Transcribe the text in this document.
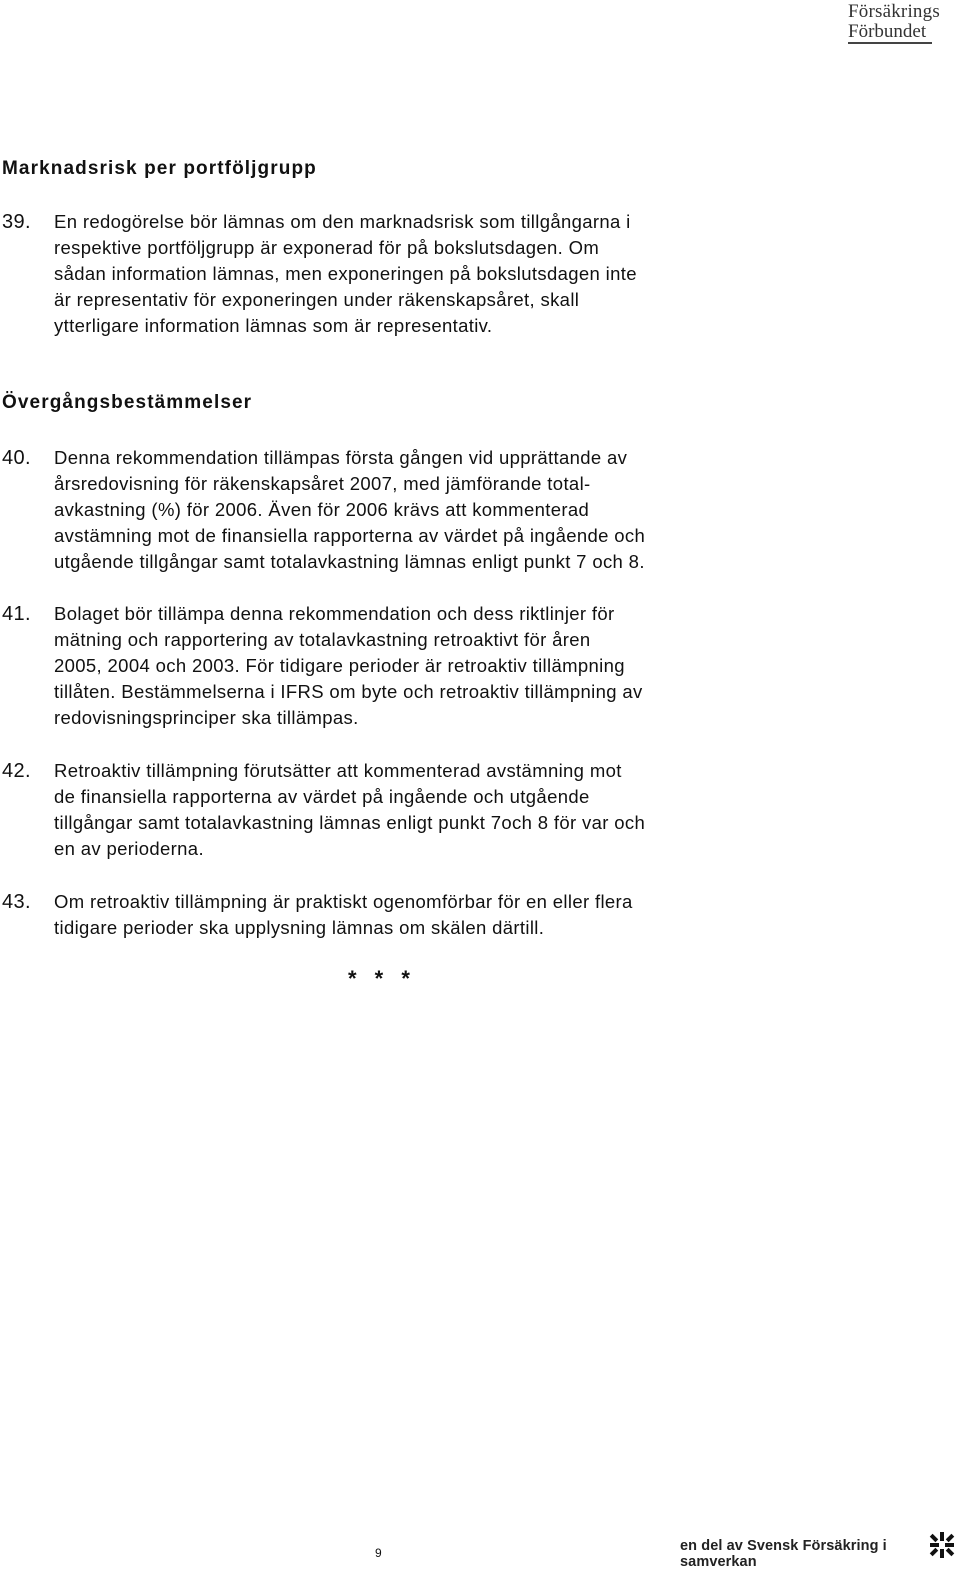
Försäkrings
Förbundet
Marknadsrisk per portföljgrupp
39. En redogörelse bör lämnas om den marknadsrisk som tillgångarna i
respektive portföljgrupp är exponerad för på bokslutsdagen. Om
sådan information lämnas, men exponeringen på bokslutsdagen inte
är representativ för exponeringen under räkenskapsåret, skall
ytterligare information lämnas som är representativ.
Övergångsbestämmelser
40. Denna rekommendation tillämpas första gången vid upprättande av
årsredovisning för räkenskapsåret 2007, med jämförande total-
avkastning (%) för 2006. Även för 2006 krävs att kommenterad
avstämning mot de finansiella rapporterna av värdet på ingående och
utgående tillgångar samt totalavkastning lämnas enligt punkt 7 och 8.
41. Bolaget bör tillämpa denna rekommendation och dess riktlinjer för
mätning och rapportering av totalavkastning retroaktivt för åren
2005, 2004 och 2003. För tidigare perioder är retroaktiv tillämpning
tillåten. Bestämmelserna i IFRS om byte och retroaktiv tillämpning av
redovisningsprinciper ska tillämpas.
42. Retroaktiv tillämpning förutsätter att kommenterad avstämning mot
de finansiella rapporterna av värdet på ingående och utgående
tillgångar samt totalavkastning lämnas enligt punkt 7och 8 för var och
en av perioderna.
43. Om retroaktiv tillämpning är praktiskt ogenomförbar för en eller flera
tidigare perioder ska upplysning lämnas om skälen därtill.
* * *
9	en del av Svensk Försäkring i samverkan
